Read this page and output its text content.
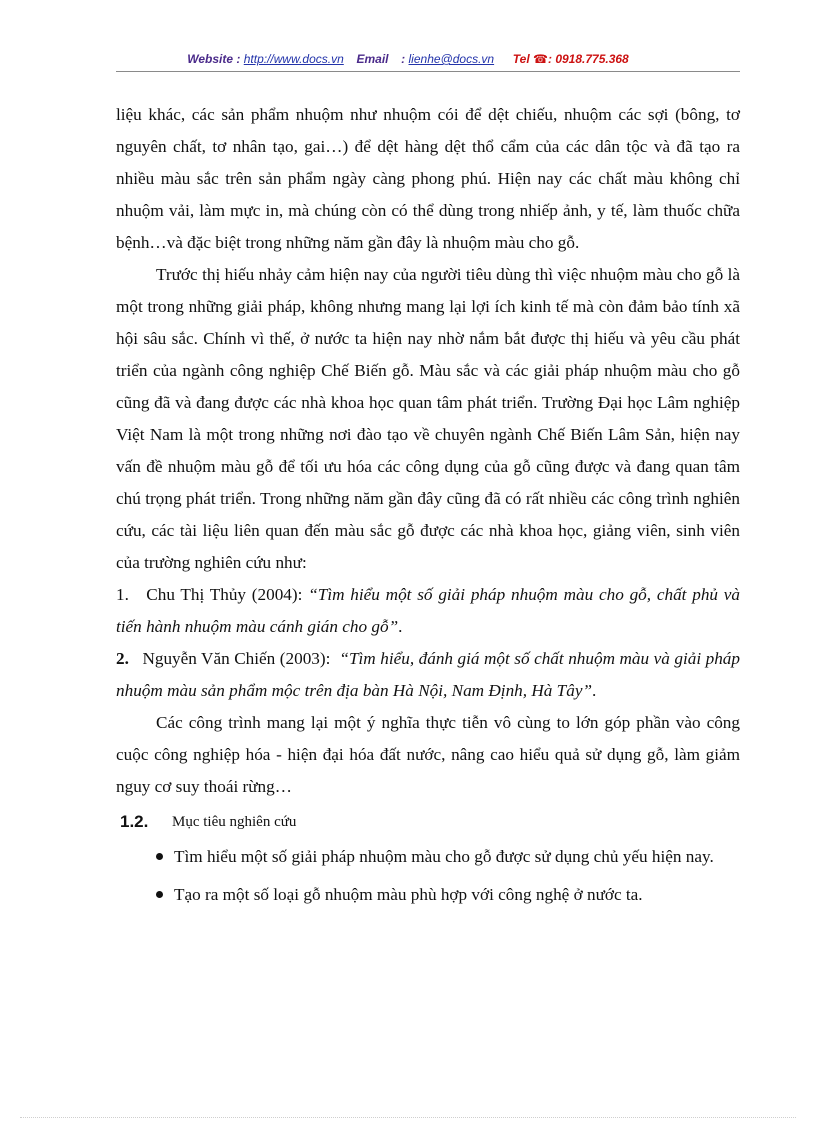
Website : http://www.docs.vn Email : lienhe@docs.vn Tel ☎: 0918.775.368

liệu khác, các sản phẩm nhuộm như nhuộm cói để dệt chiếu, nhuộm các sợi (bông, tơ nguyên chất, tơ nhân tạo, gai…) để dệt hàng dệt thổ cẩm của các dân tộc và đã tạo ra nhiều màu sắc trên sản phẩm ngày càng phong phú. Hiện nay các chất màu không chỉ nhuộm vải, làm mực in, mà chúng còn có thể dùng trong nhiếp ảnh, y tế, làm thuốc chữa bệnh…và đặc biệt trong những năm gần đây là nhuộm màu cho gỗ.

Trước thị hiếu nhảy cảm hiện nay của người tiêu dùng thì việc nhuộm màu cho gỗ là một trong những giải pháp, không nhưng mang lại lợi ích kinh tế mà còn đảm bảo tính xã hội sâu sắc. Chính vì thế, ở nước ta hiện nay nhờ nắm bắt được thị hiếu và yêu cầu phát triển của ngành công nghiệp Chế Biến gỗ. Màu sắc và các giải pháp nhuộm màu cho gỗ cũng đã và đang được các nhà khoa học quan tâm phát triển. Trường Đại học Lâm nghiệp Việt Nam là một trong những nơi đào tạo về chuyên ngành Chế Biến Lâm Sản, hiện nay vấn đề nhuộm màu gỗ để tối ưu hóa các công dụng của gỗ cũng được và đang quan tâm chú trọng phát triển. Trong những năm gần đây cũng đã có rất nhiều các công trình nghiên cứu, các tài liệu liên quan đến màu sắc gỗ được các nhà khoa học, giảng viên, sinh viên của trường nghiên cứu như:

1. Chu Thị Thủy (2004): “Tìm hiểu một số giải pháp nhuộm màu cho gỗ, chất phủ và tiến hành nhuộm màu cánh gián cho gỗ”.

2. Nguyễn Văn Chiến (2003): “Tìm hiểu, đánh giá một số chất nhuộm màu và giải pháp nhuộm màu sản phẩm mộc trên địa bàn Hà Nội, Nam Định, Hà Tây”.

Các công trình mang lại một ý nghĩa thực tiễn vô cùng to lớn góp phần vào công cuộc công nghiệp hóa - hiện đại hóa đất nước, nâng cao hiểu quả sử dụng gỗ, làm giảm nguy cơ suy thoái rừng…

1.2.	Mục tiêu nghiên cứu

Tìm hiểu một số giải pháp nhuộm màu cho gỗ được sử dụng chủ yếu hiện nay.

Tạo ra một số loại gỗ nhuộm màu phù hợp với công nghệ ở nước ta.
